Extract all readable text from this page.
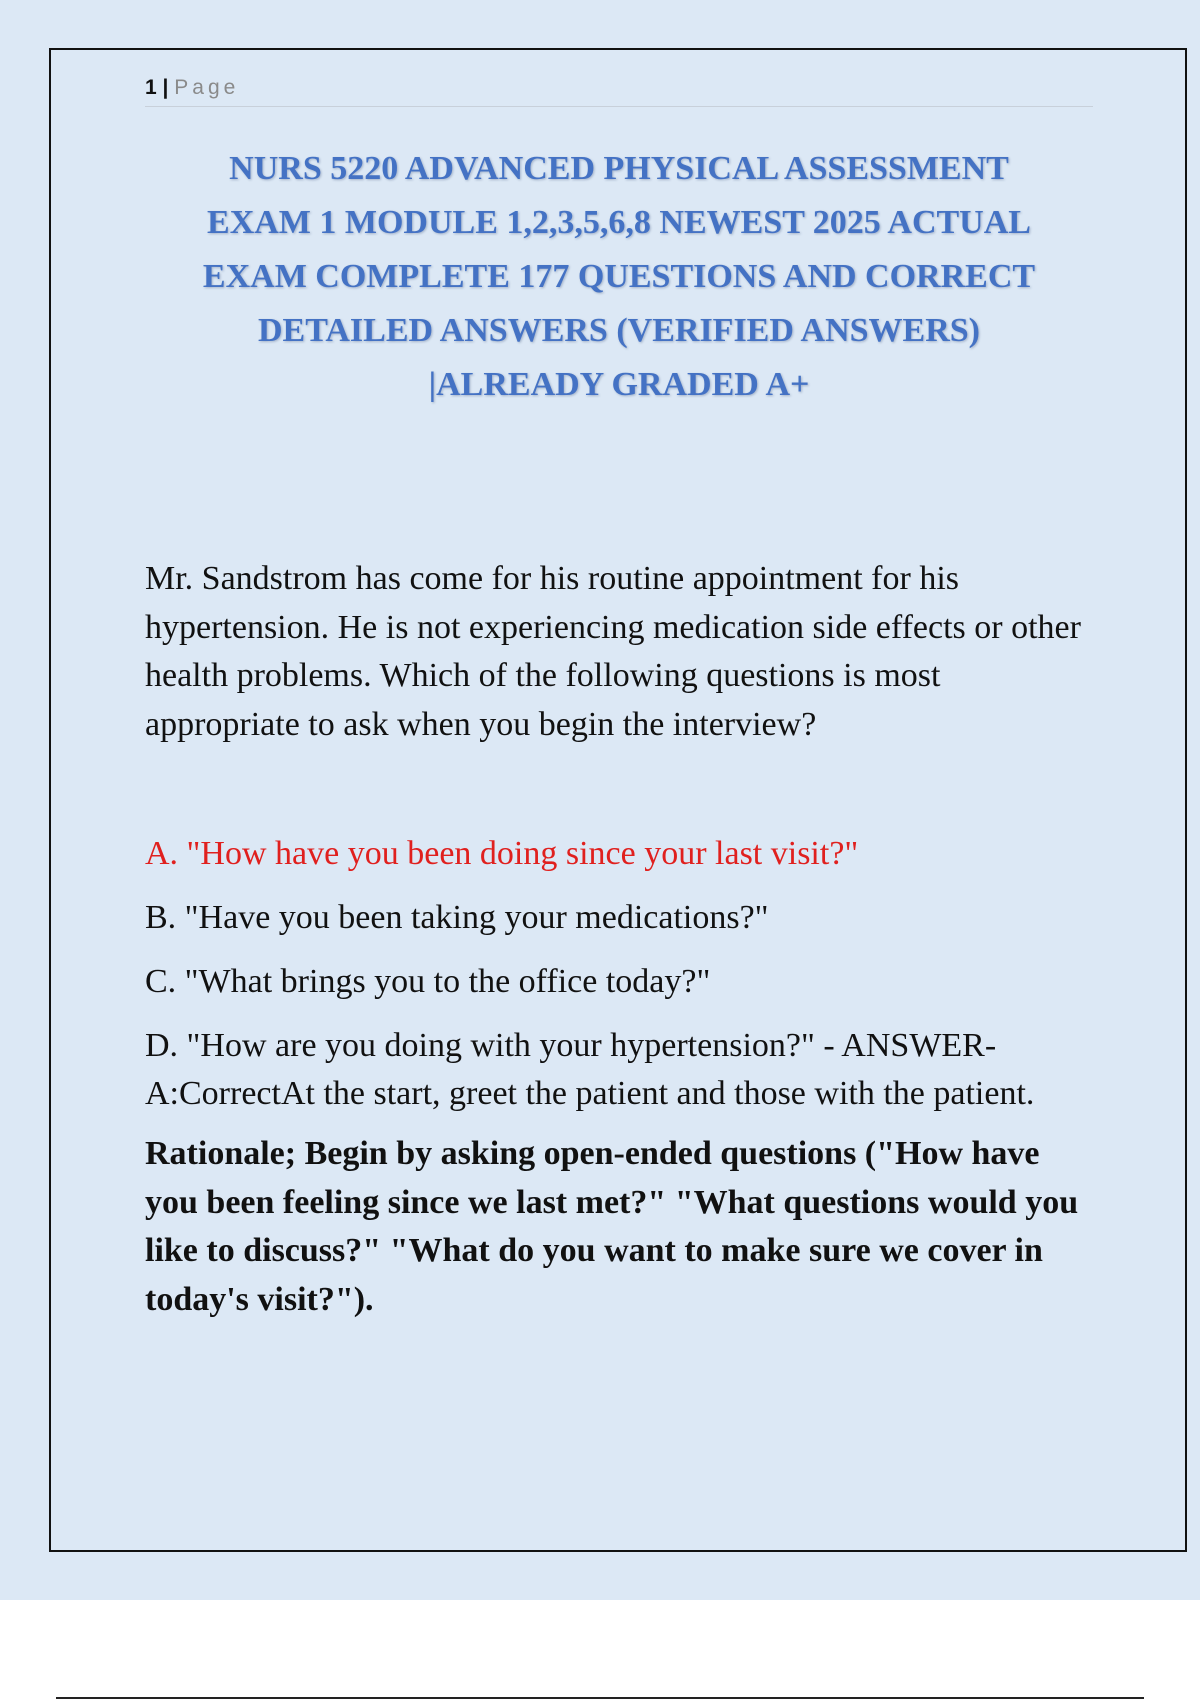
1 | Page
NURS 5220 ADVANCED PHYSICAL ASSESSMENT
EXAM 1 MODULE 1,2,3,5,6,8 NEWEST 2025 ACTUAL
EXAM COMPLETE 177 QUESTIONS AND CORRECT
DETAILED ANSWERS (VERIFIED ANSWERS)
|ALREADY GRADED A+

Mr. Sandstrom has come for his routine appointment for his hypertension. He is not experiencing medication side effects or other health problems. Which of the following questions is most appropriate to ask when you begin the interview?

A. "How have you been doing since your last visit?"

B. "Have you been taking your medications?"

C. "What brings you to the office today?"

D. "How are you doing with your hypertension?" - ANSWER-A:CorrectAt the start, greet the patient and those with the patient.

Rationale; Begin by asking open-ended questions ("How have you been feeling since we last met?" "What questions would you like to discuss?" "What do you want to make sure we cover in today's visit?").
